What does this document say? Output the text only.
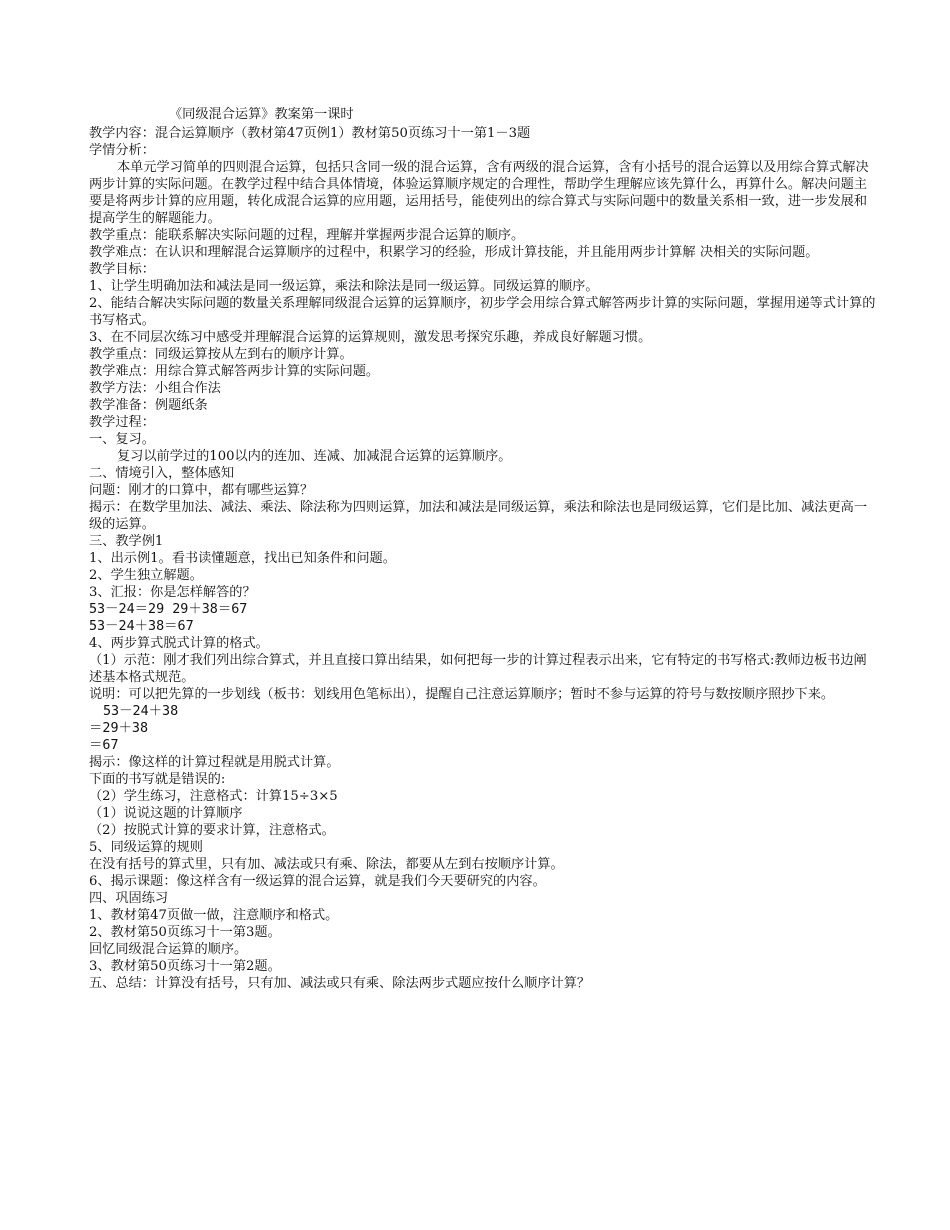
《同级混合运算》教案第一课时
教学内容：混合运算顺序（教材第47页例1）教材第50页练习十一第1－3题
学情分析：
本单元学习简单的四则混合运算，包括只含同一级的混合运算，含有两级的混合运算，含有小括号的混合运算以及用综合算式解决两步计算的实际问题。在教学过程中结合具体情境，体验运算顺序规定的合理性，帮助学生理解应该先算什么，再算什么。解决问题主要是将两步计算的应用题，转化成混合运算的应用题，运用括号，能使列出的综合算式与实际问题中的数量关系相一致，进一步发展和提高学生的解题能力。
教学重点：能联系解决实际问题的过程，理解并掌握两步混合运算的顺序。
教学难点：在认识和理解混合运算顺序的过程中，积累学习的经验，形成计算技能，并且能用两步计算解 决相关的实际问题。
教学目标：
1、让学生明确加法和减法是同一级运算，乘法和除法是同一级运算。同级运算的顺序。
2、能结合解决实际问题的数量关系理解同级混合运算的运算顺序，初步学会用综合算式解答两步计算的实际问题，掌握用递等式计算的书写格式。
3、在不同层次练习中感受并理解混合运算的运算规则，激发思考探究乐趣，养成良好解题习惯。
教学重点：同级运算按从左到右的顺序计算。
教学难点：用综合算式解答两步计算的实际问题。
教学方法：小组合作法
教学准备：例题纸条
教学过程：
一、复习。
复习以前学过的100以内的连加、连减、加减混合运算的运算顺序。
二、情境引入，整体感知
问题：刚才的口算中，都有哪些运算？
揭示：在数学里加法、减法、乘法、除法称为四则运算，加法和减法是同级运算，乘法和除法也是同级运算，它们是比加、减法更高一级的运算。
三、教学例1
1、出示例1。看书读懂题意，找出已知条件和问题。
2、学生独立解题。
3、汇报：你是怎样解答的？
53－24＝29 29＋38＝67
53－24＋38＝67
4、两步算式脱式计算的格式。
（1）示范：刚才我们列出综合算式，并且直接口算出结果，如何把每一步的计算过程表示出来，它有特定的书写格式:教师边板书边阐述基本格式规范。
说明：可以把先算的一步划线（板书：划线用色笔标出），提醒自己注意运算顺序；暂时不参与运算的符号与数按顺序照抄下来。
53－24＋38
＝29＋38
＝67
揭示：像这样的计算过程就是用脱式计算。
下面的书写就是错误的:
（2）学生练习，注意格式：计算15÷3×5
（1）说说这题的计算顺序
（2）按脱式计算的要求计算，注意格式。
5、同级运算的规则
在没有括号的算式里，只有加、减法或只有乘、除法，都要从左到右按顺序计算。
6、揭示课题：像这样含有一级运算的混合运算，就是我们今天要研究的内容。
四、巩固练习
1、教材第47页做一做，注意顺序和格式。
2、教材第50页练习十一第3题。
回忆同级混合运算的顺序。
3、教材第50页练习十一第2题。
五、总结：计算没有括号，只有加、减法或只有乘、除法两步式题应按什么顺序计算？
